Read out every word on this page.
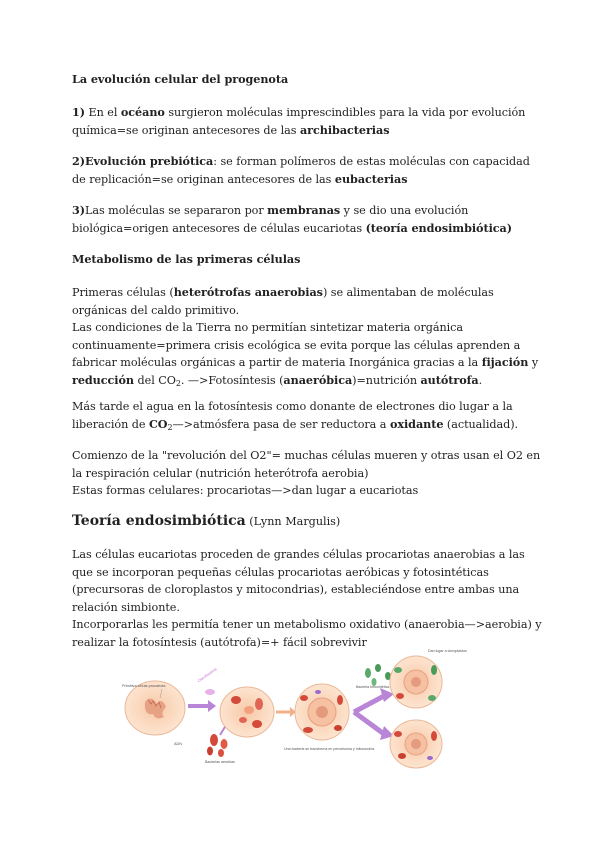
La evolución celular del progenota
1) En el océano surgieron moléculas imprescindibles para la vida por evolución química=se originan antecesores de las archibacterias
2)Evolución prebiótica: se forman polímeros de estas moléculas con capacidad de replicación=se originan antecesores de las eubacterias
3)Las moléculas se separaron por membranas y se dio una evolución biológica=origen antecesores de células eucariotas (teoría endosimbiótica)
Metabolismo de las primeras células
Primeras células (heterótrofas anaerobias) se alimentaban de moléculas orgánicas del caldo primitivo.
Las condiciones de la Tierra no permitían sintetizar materia orgánica continuamente=primera crisis ecológica se evita porque las células aprenden a fabricar moléculas orgánicas a partir de materia Inorgánica gracias a la fijación y reducción del $CO_2$. —>Fotosíntesis (anaeróbica)=nutrición autótrofa.
Más tarde el agua en la fotosíntesis como donante de electrones dio lugar a la liberación de $CO_2—>atmósfera$ pasa de ser reductora a oxidante (actualidad).
Comienzo de la "revolución del O2"= muchas células mueren y otras usan el O2 en la respiración celular (nutrición heterótrofa aerobia)
Estas formas celulares: procariotas—>dan lugar a eucariotas
Teoría endosimbiótica (Lynn Margulis)
Las células eucariotas proceden de grandes células procariotas anaerobias a las que se incorporan pequeñas células procariotas aeróbicas y fotosintéticas (precursoras de cloroplastos y mitocondrias), estableciéndose entre ambas una relación simbionte.
Incorporarlas les permitía tener un metabolismo oxidativo (anaerobia—>aerobia) y realizar la fotosíntesis (autótrofa)=+ fácil sobrevivir
Primitiva célula procariota
ADN
Cianobacteria
Bacterias aerobias
Una bacteria se transforma en peroxisoma y mitocondria
Bacteria fotosintética
Dan lugar a cloroplastos
